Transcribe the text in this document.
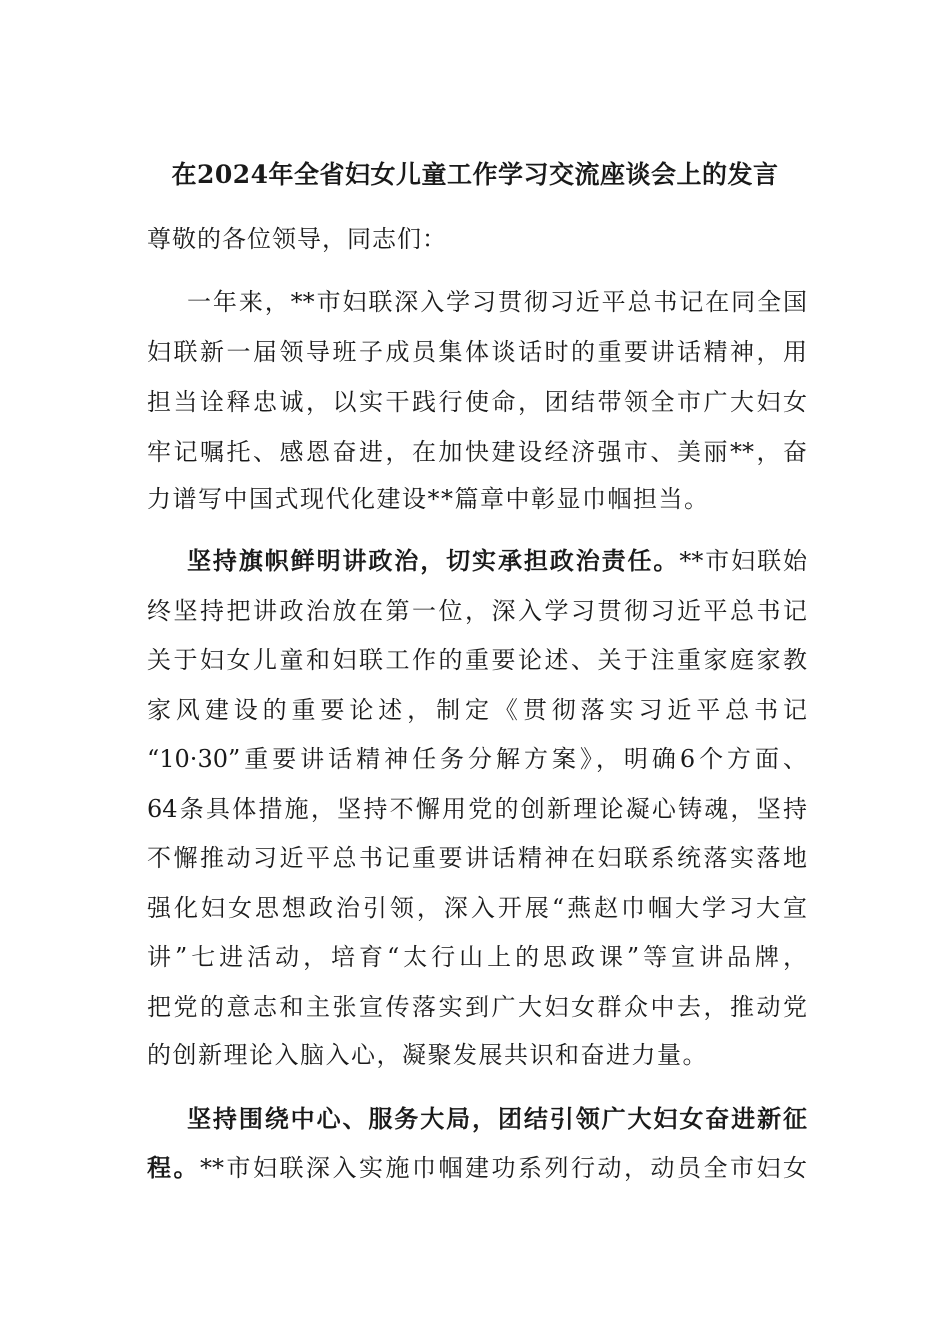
在2024年全省妇女儿童工作学习交流座谈会上的发言
尊敬的各位领导，同志们：
一年来，**市妇联深入学习贯彻习近平总书记在同全国
妇联新一届领导班子成员集体谈话时的重要讲话精神，用
担当诠释忠诚，以实干践行使命，团结带领全市广大妇女
牢记嘱托、感恩奋进，在加快建设经济强市、美丽**，奋
力谱写中国式现代化建设**篇章中彰显巾帼担当。
坚持旗帜鲜明讲政治，切实承担政治责任。**市妇联始
终坚持把讲政治放在第一位，深入学习贯彻习近平总书记
关于妇女儿童和妇联工作的重要论述、关于注重家庭家教
家风建设的重要论述，制定《贯彻落实习近平总书记
“10·30”重要讲话精神任务分解方案》，明确6个方面、
64条具体措施，坚持不懈用党的创新理论凝心铸魂，坚持
不懈推动习近平总书记重要讲话精神在妇联系统落实落地
强化妇女思想政治引领，深入开展“燕赵巾帼大学习大宣
讲”七进活动，培育“太行山上的思政课”等宣讲品牌，
把党的意志和主张宣传落实到广大妇女群众中去，推动党
的创新理论入脑入心，凝聚发展共识和奋进力量。
坚持围绕中心、服务大局，团结引领广大妇女奋进新征
程。**市妇联深入实施巾帼建功系列行动，动员全市妇女
